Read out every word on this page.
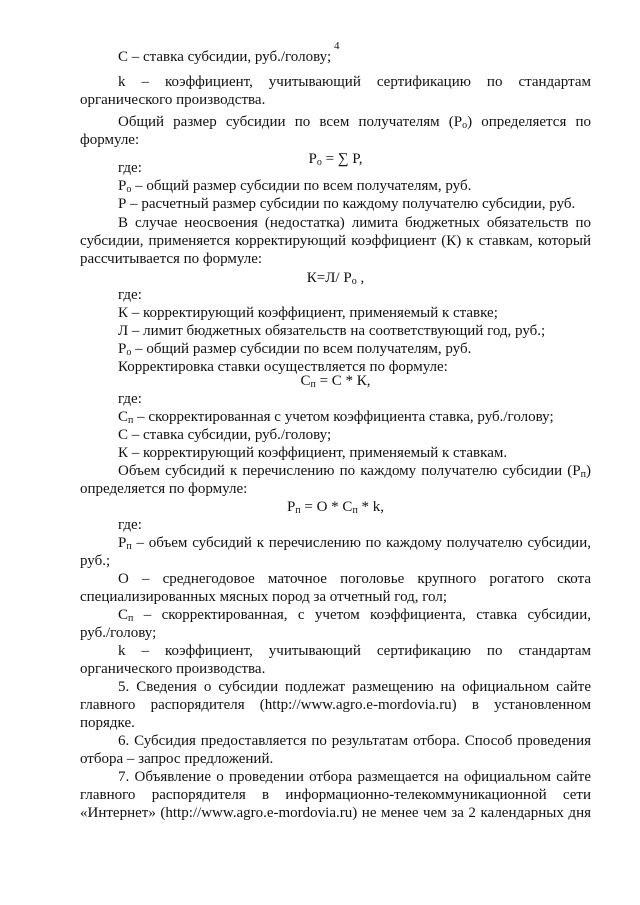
4
С – ставка субсидии, руб./голову;
k – коэффициент, учитывающий сертификацию по стандартам
органического производства.
Общий размер субсидии по всем получателям $(Р_о)$ определяется по
формуле:
$Р_о$ = ∑ Р,
где:
$Р_о$ – общий размер субсидии по всем получателям, руб.
Р – расчетный размер субсидии по каждому получателю субсидии, руб.
В случае неосвоения (недостатка) лимита бюджетных обязательств по
субсидии, применяется корректирующий коэффициент (К) к ставкам, который
рассчитывается по формуле:
К=Л/ $Р_о$ ,
где:
К – корректирующий коэффициент, применяемый к ставке;
Л – лимит бюджетных обязательств на соответствующий год, руб.;
$Р_о$ – общий размер субсидии по всем получателям, руб.
Корректировка ставки осуществляется по формуле:
$С_п = С * К$,
где:
$С_п$ – скорректированная с учетом коэффициента ставка, руб./голову;
С – ставка субсидии, руб./голову;
К – корректирующий коэффициент, применяемый к ставкам.
Объем субсидий к перечислению по каждому получателю субсидии $(Р_п)$
определяется по формуле:
$Р_п = О * С_п * k$,
где:
$Р_п$ – объем субсидий к перечислению по каждому получателю субсидии,
руб.;
О – среднегодовое маточное поголовье крупного рогатого скота
специализированных мясных пород за отчетный год, гол;
$С_п$ – скорректированная, с учетом коэффициента, ставка субсидии,
руб./голову;
k – коэффициент, учитывающий сертификацию по стандартам
органического производства.
5. Сведения о субсидии подлежат размещению на официальном сайте
главного распорядителя (http://www.agro.e-mordovia.ru) в установленном
порядке.
6. Субсидия предоставляется по результатам отбора. Способ проведения
отбора – запрос предложений.
7. Объявление о проведении отбора размещается на официальном сайте
главного распорядителя в информационно-телекоммуникационной сети
«Интернет» (http://www.agro.e-mordovia.ru) не менее чем за 2 календарных дня
